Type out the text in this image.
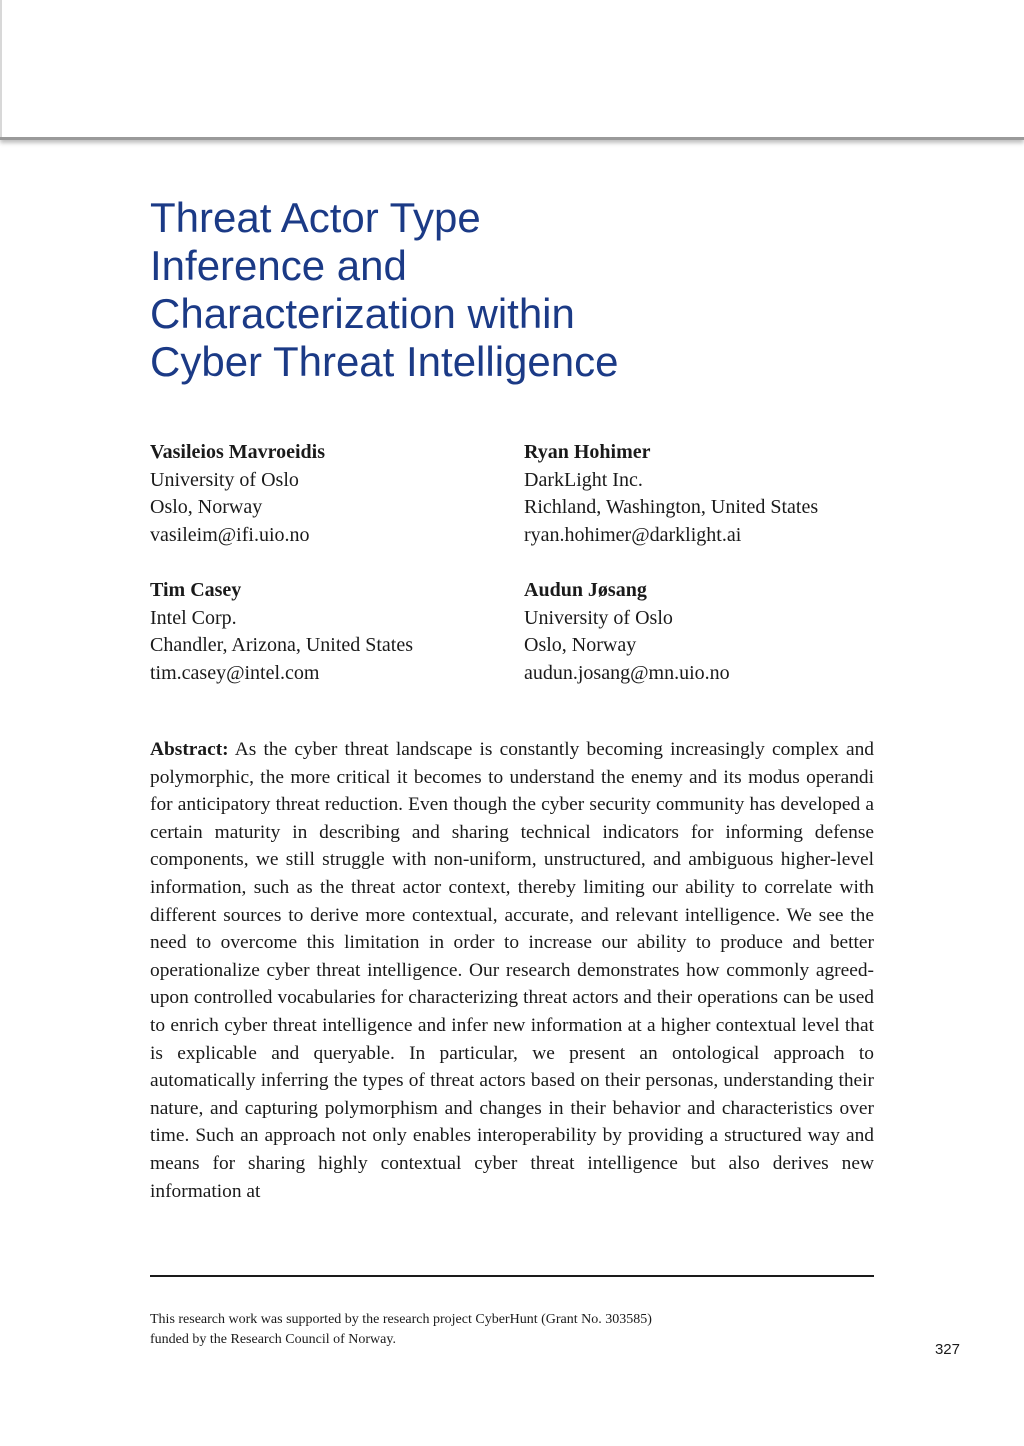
Threat Actor Type
Inference and
Characterization within
Cyber Threat Intelligence
Vasileios Mavroeidis
University of Oslo
Oslo, Norway
vasileim@ifi.uio.no
Ryan Hohimer
DarkLight Inc.
Richland, Washington, United States
ryan.hohimer@darklight.ai
Tim Casey
Intel Corp.
Chandler, Arizona, United States
tim.casey@intel.com
Audun Jøsang
University of Oslo
Oslo, Norway
audun.josang@mn.uio.no

Abstract: As the cyber threat landscape is constantly becoming increasingly complex and polymorphic, the more critical it becomes to understand the enemy and its modus operandi for anticipatory threat reduction. Even though the cyber security community has developed a certain maturity in describing and sharing technical indicators for informing defense components, we still struggle with non-uniform, unstructured, and ambiguous higher-level information, such as the threat actor context, thereby limiting our ability to correlate with different sources to derive more contextual, accurate, and relevant intelligence. We see the need to overcome this limitation in order to increase our ability to produce and better operationalize cyber threat intelligence. Our research demonstrates how commonly agreed-upon controlled vocabularies for characterizing threat actors and their operations can be used to enrich cyber threat intelligence and infer new information at a higher contextual level that is explicable and queryable. In particular, we present an ontological approach to automatically inferring the types of threat actors based on their personas, understanding their nature, and capturing polymorphism and changes in their behavior and characteristics over time. Such an approach not only enables interoperability by providing a structured way and means for sharing highly contextual cyber threat intelligence but also derives new information at

This research work was supported by the research project CyberHunt (Grant No. 303585)
funded by the Research Council of Norway.
327
